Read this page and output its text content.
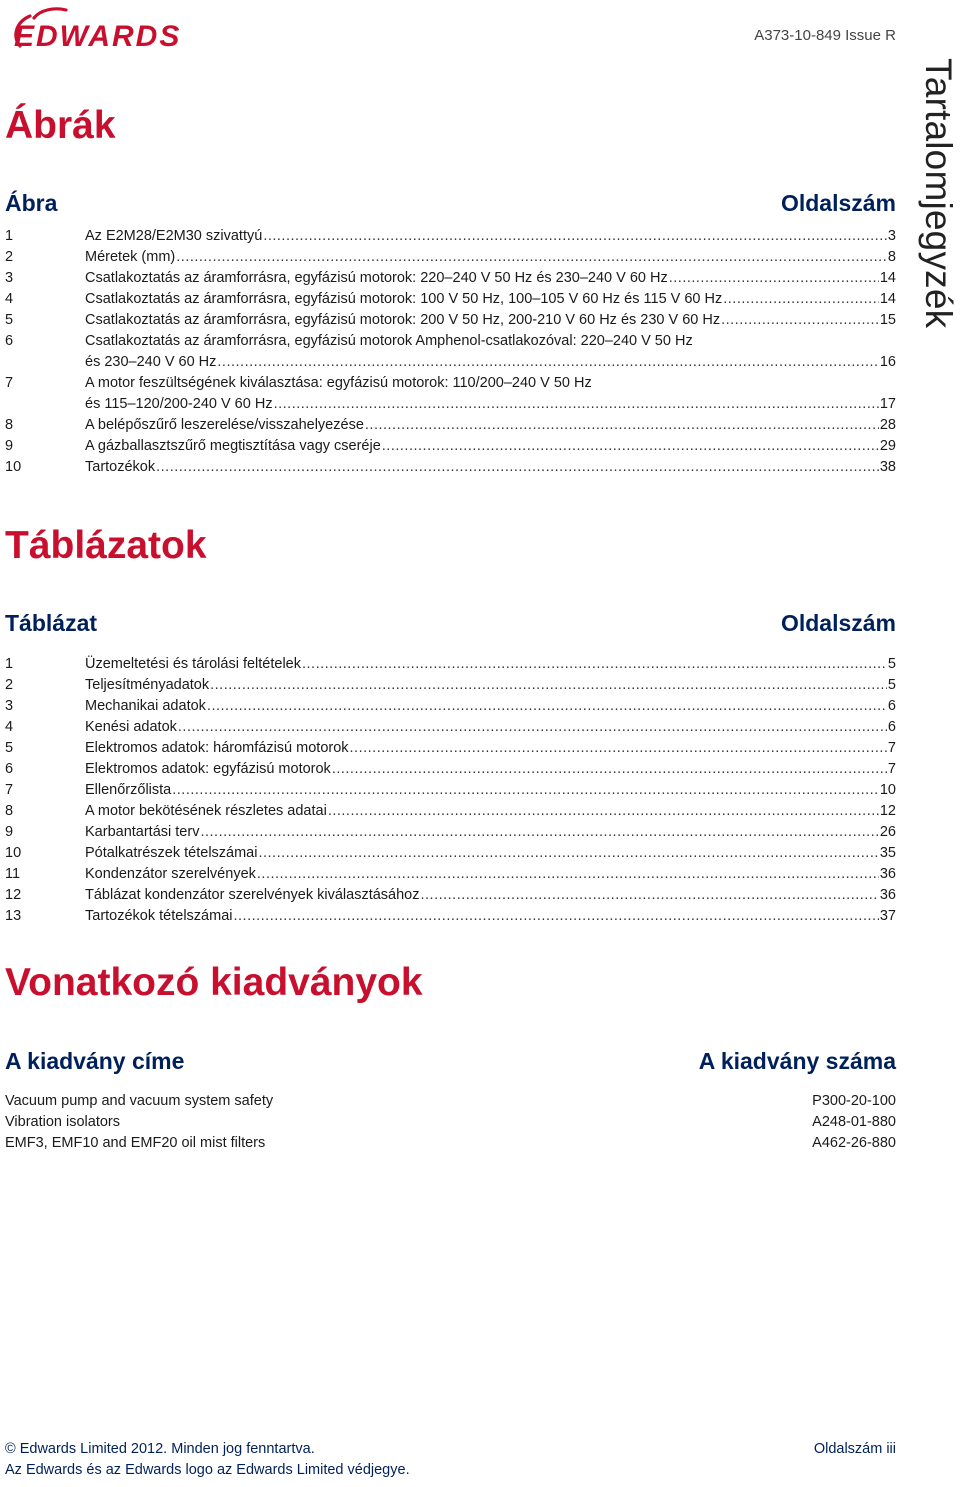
EDWARDS	A373-10-849 Issue R
Tartalomjegyzék
Ábrák
Ábra	Oldalszám
1	Az E2M28/E2M30 szivattyú .....	3
2	Méretek (mm) .....	8
3	Csatlakoztatás az áramforrásra, egyfázisú motorok: 220–240 V 50 Hz és 230–240 V 60 Hz .....	14
4	Csatlakoztatás az áramforrásra, egyfázisú motorok: 100 V 50 Hz, 100–105 V 60 Hz és 115 V 60 Hz .....	14
5	Csatlakoztatás az áramforrásra, egyfázisú motorok: 200 V 50 Hz, 200-210 V 60 Hz és 230 V 60 Hz .....	15
6	Csatlakoztatás az áramforrásra, egyfázisú motorok Amphenol-csatlakozóval: 220–240 V 50 Hz
és 230–240 V 60 Hz .....	16
7	A motor feszültségének kiválasztása: egyfázisú motorok: 110/200–240 V 50 Hz
és 115–120/200-240 V 60 Hz .....	17
8	A belépőszűrő leszerelése/visszahelyezése .....	28
9	A gázballasztszűrő megtisztítása vagy cseréje .....	29
10	Tartozékok .....	38
Táblázatok
Táblázat	Oldalszám
1	Üzemeltetési és tárolási feltételek .....	5
2	Teljesítményadatok .....	5
3	Mechanikai adatok .....	6
4	Kenési adatok .....	6
5	Elektromos adatok: háromfázisú motorok .....	7
6	Elektromos adatok: egyfázisú motorok .....	7
7	Ellenőrzőlista .....	10
8	A motor bekötésének részletes adatai .....	12
9	Karbantartási terv .....	26
10	Pótalkatrészek tételszámai .....	35
11	Kondenzátor szerelvények .....	36
12	Táblázat kondenzátor szerelvények kiválasztásához .....	36
13	Tartozékok tételszámai .....	37
Vonatkozó kiadványok
A kiadvány címe	A kiadvány száma
Vacuum pump and vacuum system safety	P300-20-100
Vibration isolators	A248-01-880
EMF3, EMF10 and EMF20 oil mist filters	A462-26-880
© Edwards Limited 2012. Minden jog fenntartva.	Oldalszám iii
Az Edwards és az Edwards logo az Edwards Limited védjegye.
